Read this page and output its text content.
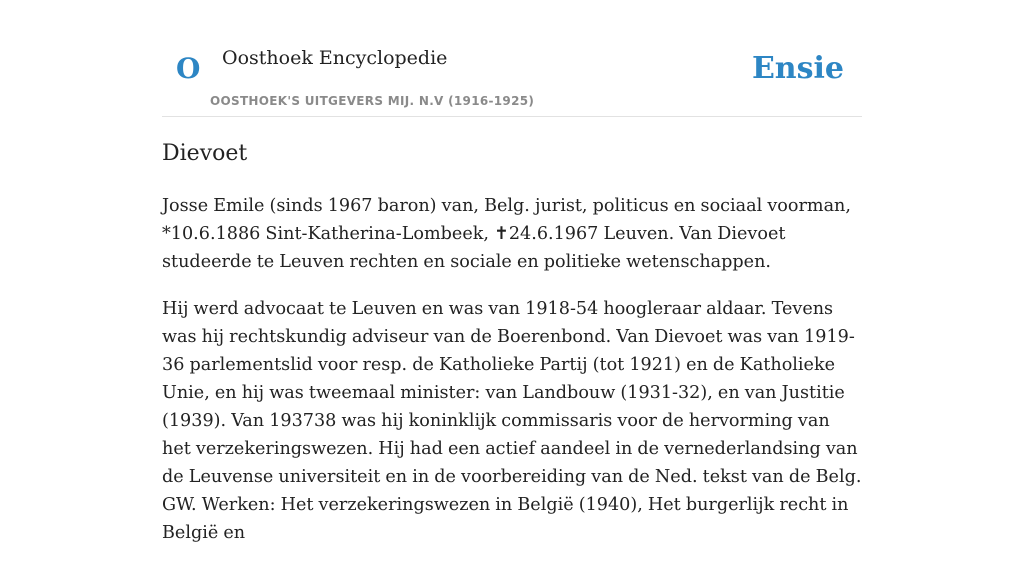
O Oosthoek Encyclopedie
OOSTHOEK'S UITGEVERS MIJ. N.V (1916-1925)
Ensie
Dievoet

Josse Emile (sinds 1967 baron) van, Belg. jurist, politicus en sociaal voorman, *10.6.1886 Sint-Katherina-Lombeek, ✝24.6.1967 Leuven. Van Dievoet studeerde te Leuven rechten en sociale en politieke wetenschappen.

Hij werd advocaat te Leuven en was van 1918-54 hoogleraar aldaar. Tevens was hij rechtskundig adviseur van de Boerenbond. Van Dievoet was van 1919-36 parlementslid voor resp. de Katholieke Partij (tot 1921) en de Katholieke Unie, en hij was tweemaal minister: van Landbouw (1931-32), en van Justitie (1939). Van 193738 was hij koninklijk commissaris voor de hervorming van het verzekeringswezen. Hij had een actief aandeel in de vernederlandsing van de Leuvense universiteit en in de voorbereiding van de Ned. tekst van de Belg. GW. Werken: Het verzekeringswezen in België (1940), Het burgerlijk recht in België en
